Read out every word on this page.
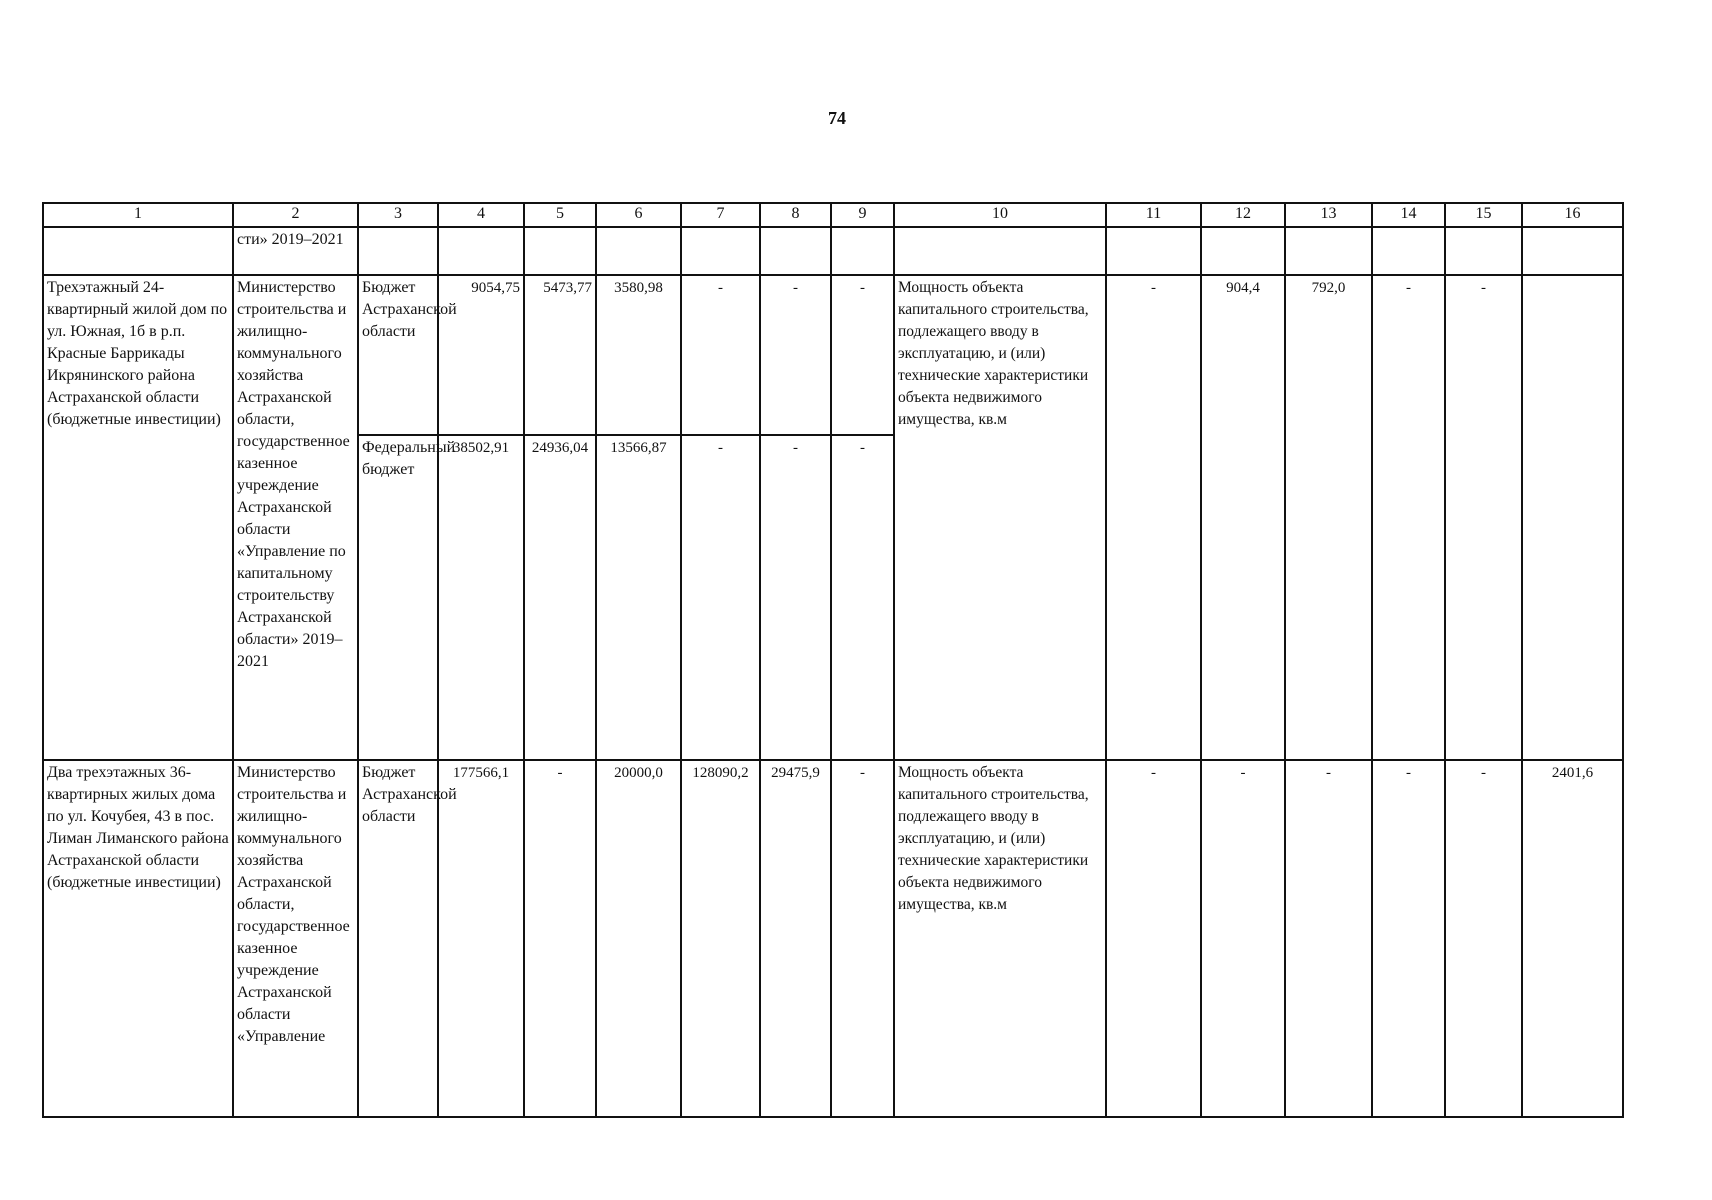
74
1	2	3	4	5	6	7	8	9	10	11	12	13	14	15	16
	сти» 2019–2021														
Трехэтажный 24-квартирный жилой дом по ул. Южная, 1б в р.п. Красные Баррикады Икрянинского района Астраханской области (бюджетные инвестиции)	Министерство строительства и жилищно-коммунального хозяйства Астраханской области, государственное казенное учреждение Астраханской области «Управление по капитальному строительству Астраханской области» 2019–2021	Бюджет Астраханской области	9054,75	5473,77	3580,98	-	-	-	Мощность объекта капитального строительства, подлежащего вводу в эксплуатацию, и (или) технические характеристики объекта недвижимого имущества, кв.м	-	904,4	792,0	-	-	
		Федеральный бюджет	38502,91	24936,04	13566,87	-	-	-							
Два трехэтажных 36-квартирных жилых дома по ул. Кочубея, 43 в пос. Лиман Лиманского района Астраханской области (бюджетные инвестиции)	Министерство строительства и жилищно-коммунального хозяйства Астраханской области, государственное казенное учреждение Астраханской области «Управление	Бюджет Астраханской области	177566,1	-	20000,0	128090,2	29475,9	-	Мощность объекта капитального строительства, подлежащего вводу в эксплуатацию, и (или) технические характеристики объекта недвижимого имущества, кв.м	-	-	-	-	-	2401,6
